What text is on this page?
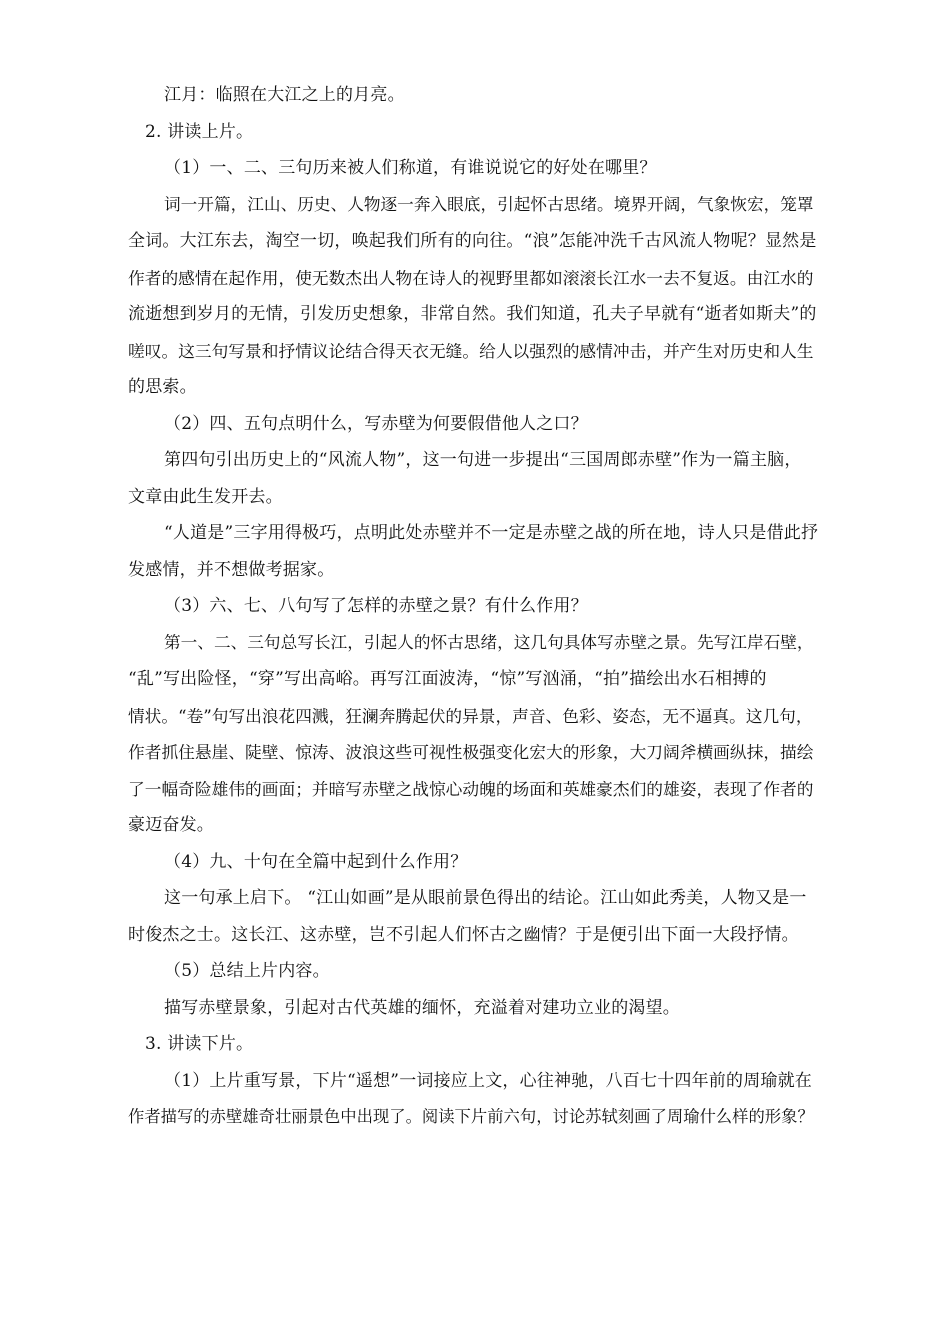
江月：临照在大江之上的月亮。
2. 讲读上片。
（1）一、二、三句历来被人们称道，有谁说说它的好处在哪里？
词一开篇，江山、历史、人物逐一奔入眼底，引起怀古思绪。境界开阔，气象恢宏，笼罩
全词。大江东去，淘空一切，唤起我们所有的向往。“浪”怎能冲洗千古风流人物呢？显然是
作者的感情在起作用，使无数杰出人物在诗人的视野里都如滚滚长江水一去不复返。由江水的
流逝想到岁月的无情，引发历史想象，非常自然。我们知道，孔夫子早就有“逝者如斯夫”的
嗟叹。这三句写景和抒情议论结合得天衣无缝。给人以强烈的感情冲击，并产生对历史和人生
的思索。
（2）四、五句点明什么，写赤壁为何要假借他人之口？
第四句引出历史上的“风流人物”，这一句进一步提出“三国周郎赤壁”作为一篇主脑，
文章由此生发开去。
“人道是”三字用得极巧，点明此处赤壁并不一定是赤壁之战的所在地，诗人只是借此抒
发感情，并不想做考据家。
（3）六、七、八句写了怎样的赤壁之景？有什么作用？
第一、二、三句总写长江，引起人的怀古思绪，这几句具体写赤壁之景。先写江岸石壁，
“乱”写出险怪，“穿”写出高峪。再写江面波涛，“惊”写汹涌，“拍”描绘出水石相搏的
情状。“卷”句写出浪花四溅，狂澜奔腾起伏的异景，声音、色彩、姿态，无不逼真。这几句，
作者抓住悬崖、陡壁、惊涛、波浪这些可视性极强变化宏大的形象，大刀阔斧横画纵抹，描绘
了一幅奇险雄伟的画面；并暗写赤壁之战惊心动魄的场面和英雄豪杰们的雄姿，表现了作者的
豪迈奋发。
（4）九、十句在全篇中起到什么作用？
这一句承上启下。 “江山如画”是从眼前景色得出的结论。江山如此秀美，人物又是一
时俊杰之士。这长江、这赤壁，岂不引起人们怀古之幽情？于是便引出下面一大段抒情。
（5）总结上片内容。
描写赤壁景象，引起对古代英雄的缅怀，充溢着对建功立业的渴望。
3. 讲读下片。
（1）上片重写景，下片“遥想”一词接应上文，心往神驰，八百七十四年前的周瑜就在
作者描写的赤壁雄奇壮丽景色中出现了。阅读下片前六句，讨论苏轼刻画了周瑜什么样的形象？
